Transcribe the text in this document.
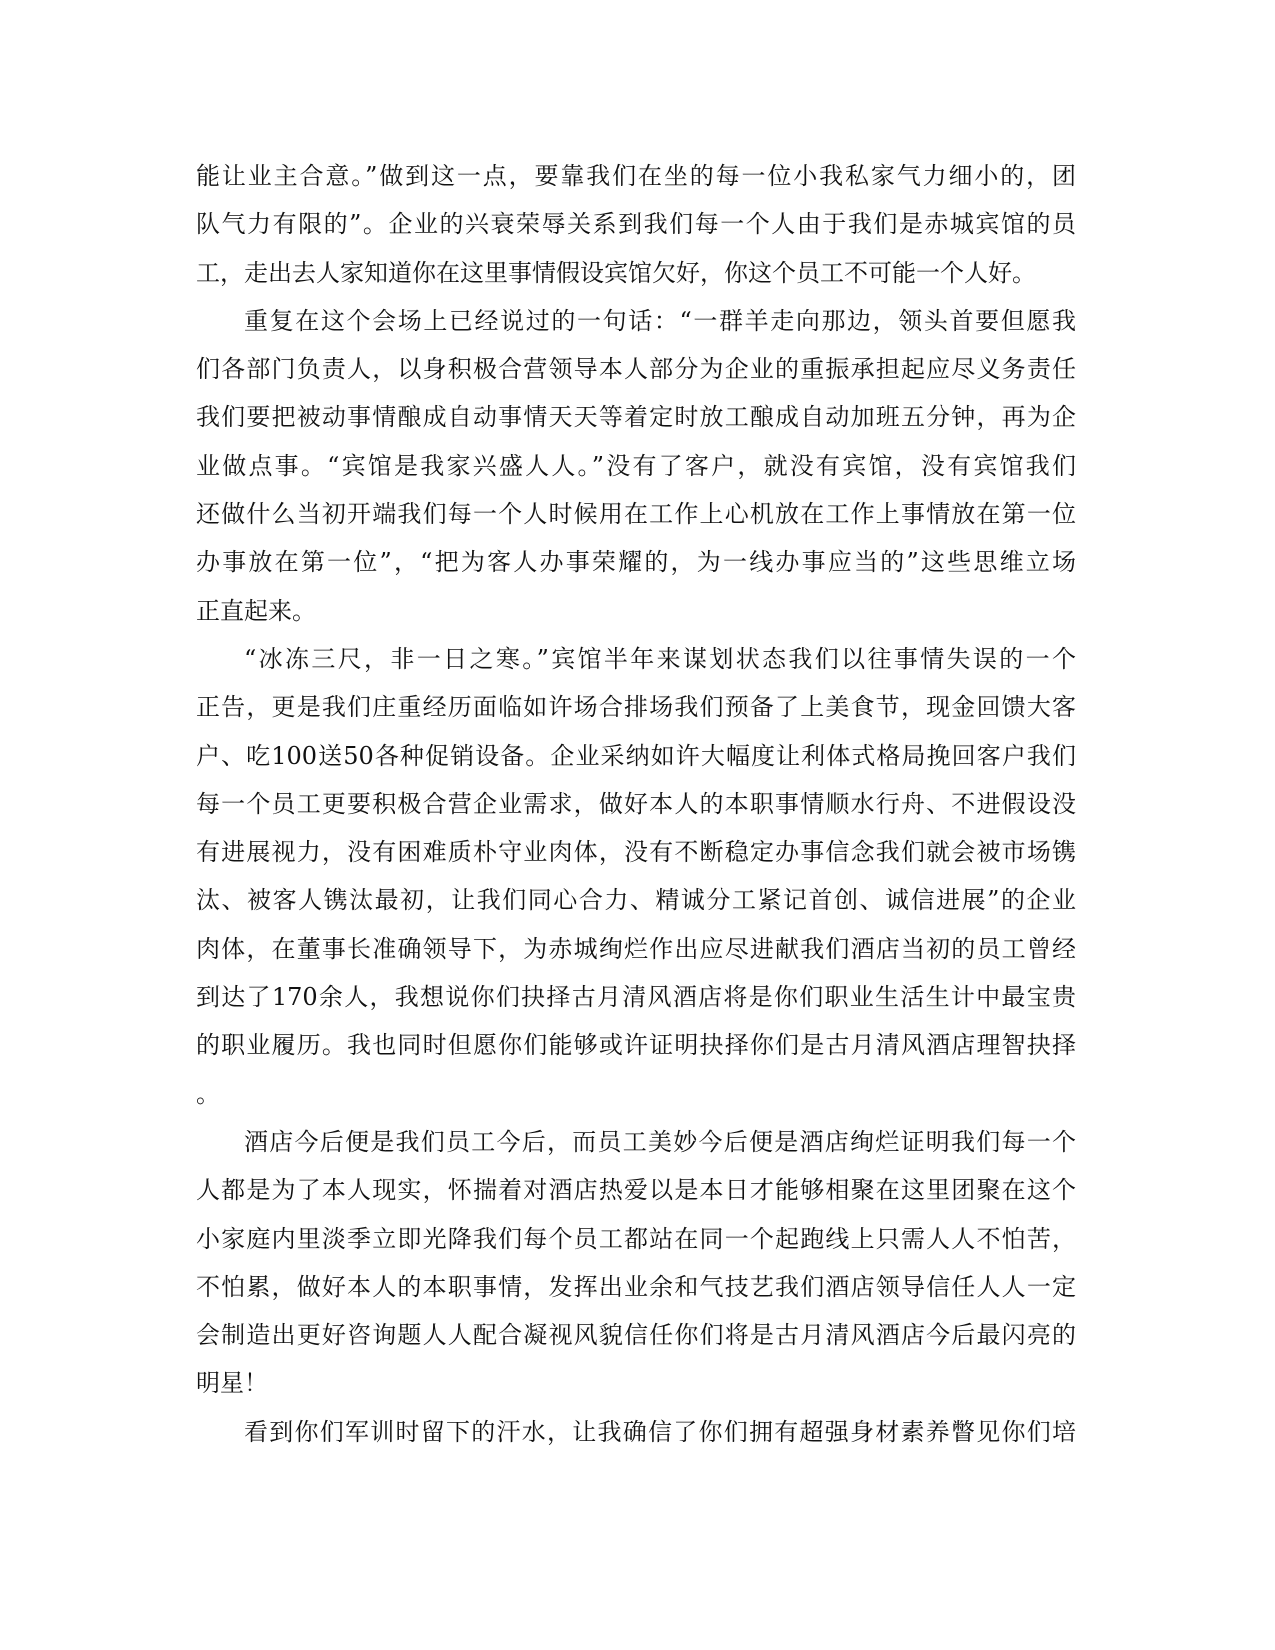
能让业主合意。”做到这一点，要靠我们在坐的每一位小我私家气力细小的，团
队气力有限的”。企业的兴衰荣辱关系到我们每一个人由于我们是赤城宾馆的员
工，走出去人家知道你在这里事情假设宾馆欠好，你这个员工不可能一个人好。
重复在这个会场上已经说过的一句话：“一群羊走向那边，领头首要但愿我
们各部门负责人，以身积极合营领导本人部分为企业的重振承担起应尽义务责任
我们要把被动事情酿成自动事情天天等着定时放工酿成自动加班五分钟，再为企
业做点事。“宾馆是我家兴盛人人。”没有了客户，就没有宾馆，没有宾馆我们
还做什么当初开端我们每一个人时候用在工作上心机放在工作上事情放在第一位
办事放在第一位”，“把为客人办事荣耀的，为一线办事应当的”这些思维立场
正直起来。
“冰冻三尺，非一日之寒。”宾馆半年来谋划状态我们以往事情失误的一个
正告，更是我们庄重经历面临如许场合排场我们预备了上美食节，现金回馈大客
户、吃100送50各种促销设备。企业采纳如许大幅度让利体式格局挽回客户我们
每一个员工更要积极合营企业需求，做好本人的本职事情顺水行舟、不进假设没
有进展视力，没有困难质朴守业肉体，没有不断稳定办事信念我们就会被市场镌
汰、被客人镌汰最初，让我们同心合力、精诚分工紧记首创、诚信进展”的企业
肉体，在董事长准确领导下，为赤城绚烂作出应尽进献我们酒店当初的员工曾经
到达了170余人，我想说你们抉择古月清风酒店将是你们职业生活生计中最宝贵
的职业履历。我也同时但愿你们能够或许证明抉择你们是古月清风酒店理智抉择
。
酒店今后便是我们员工今后，而员工美妙今后便是酒店绚烂证明我们每一个
人都是为了本人现实，怀揣着对酒店热爱以是本日才能够相聚在这里团聚在这个
小家庭内里淡季立即光降我们每个员工都站在同一个起跑线上只需人人不怕苦，
不怕累，做好本人的本职事情，发挥出业余和气技艺我们酒店领导信任人人一定
会制造出更好咨询题人人配合凝视风貌信任你们将是古月清风酒店今后最闪亮的
明星！
看到你们军训时留下的汗水，让我确信了你们拥有超强身材素养瞥见你们培
